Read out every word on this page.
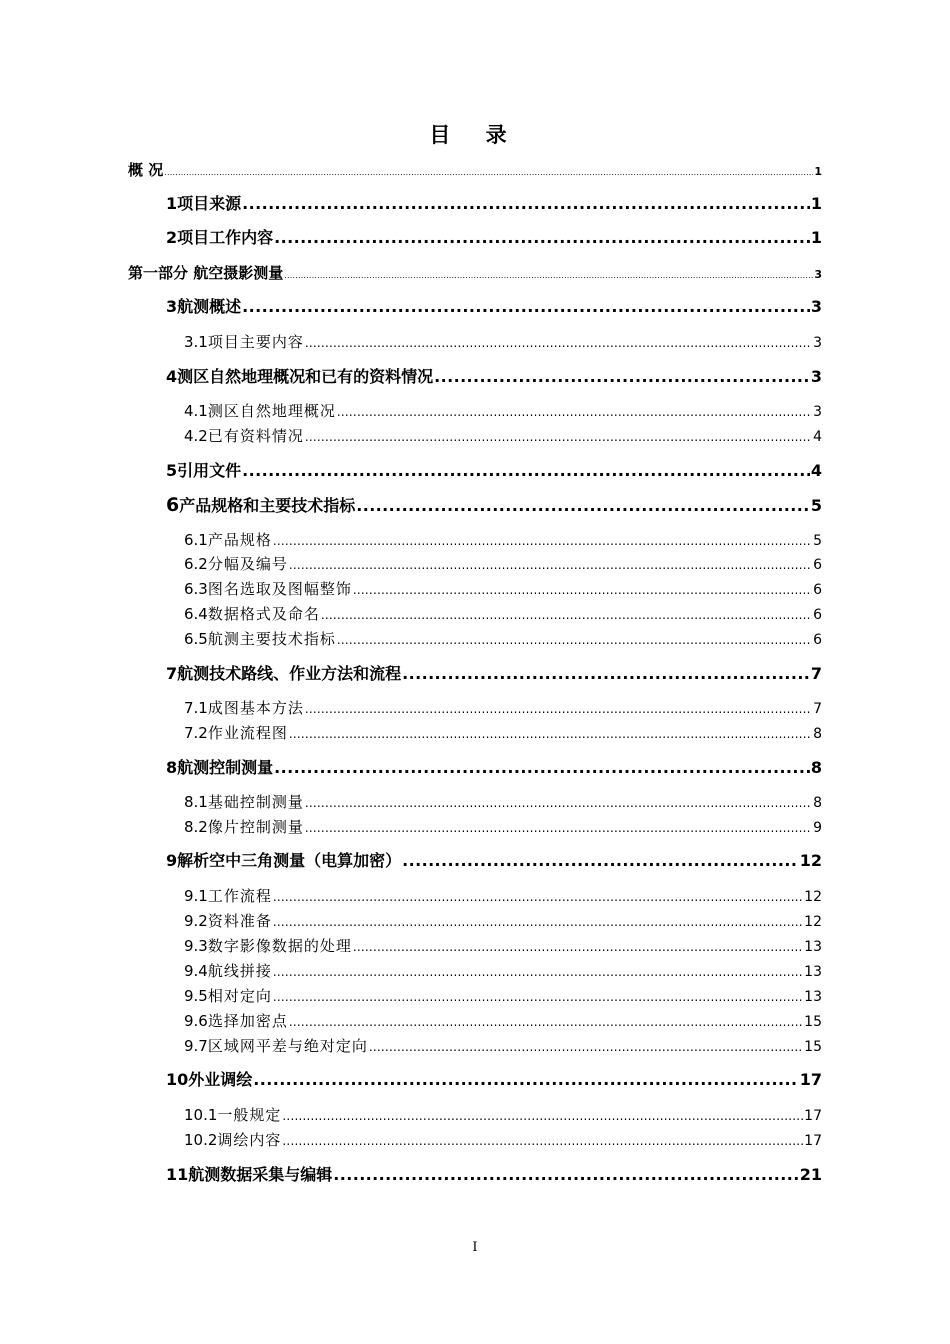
目 录
概 况 .....	1
1 项目来源 .....	1
2 项目工作内容 .....	1
第一部分 航空摄影测量 .....	3
3 航测概述 .....	3
3.1 项目主要内容 .....	3
4 测区自然地理概况和已有的资料情况 .....	3
4.1 测区自然地理概况 .....	3
4.2 已有资料情况 .....	4
5 引用文件 .....	4
6 产品规格和主要技术指标 .....	5
6.1 产品规格 .....	5
6.2 分幅及编号 .....	6
6.3 图名选取及图幅整饰 .....	6
6.4 数据格式及命名 .....	6
6.5 航测主要技术指标 .....	6
7 航测技术路线、作业方法和流程 .....	7
7.1 成图基本方法 .....	7
7.2 作业流程图 .....	8
8 航测控制测量 .....	8
8.1 基础控制测量 .....	8
8.2 像片控制测量 .....	9
9 解析空中三角测量（电算加密） .....	12
9.1 工作流程 .....	12
9.2 资料准备 .....	12
9.3 数字影像数据的处理 .....	13
9.4 航线拼接 .....	13
9.5 相对定向 .....	13
9.6 选择加密点 .....	15
9.7 区域网平差与绝对定向 .....	15
10 外业调绘 .....	17
10.1 一般规定 .....	17
10.2 调绘内容 .....	17
11 航测数据采集与编辑 .....	21
I
